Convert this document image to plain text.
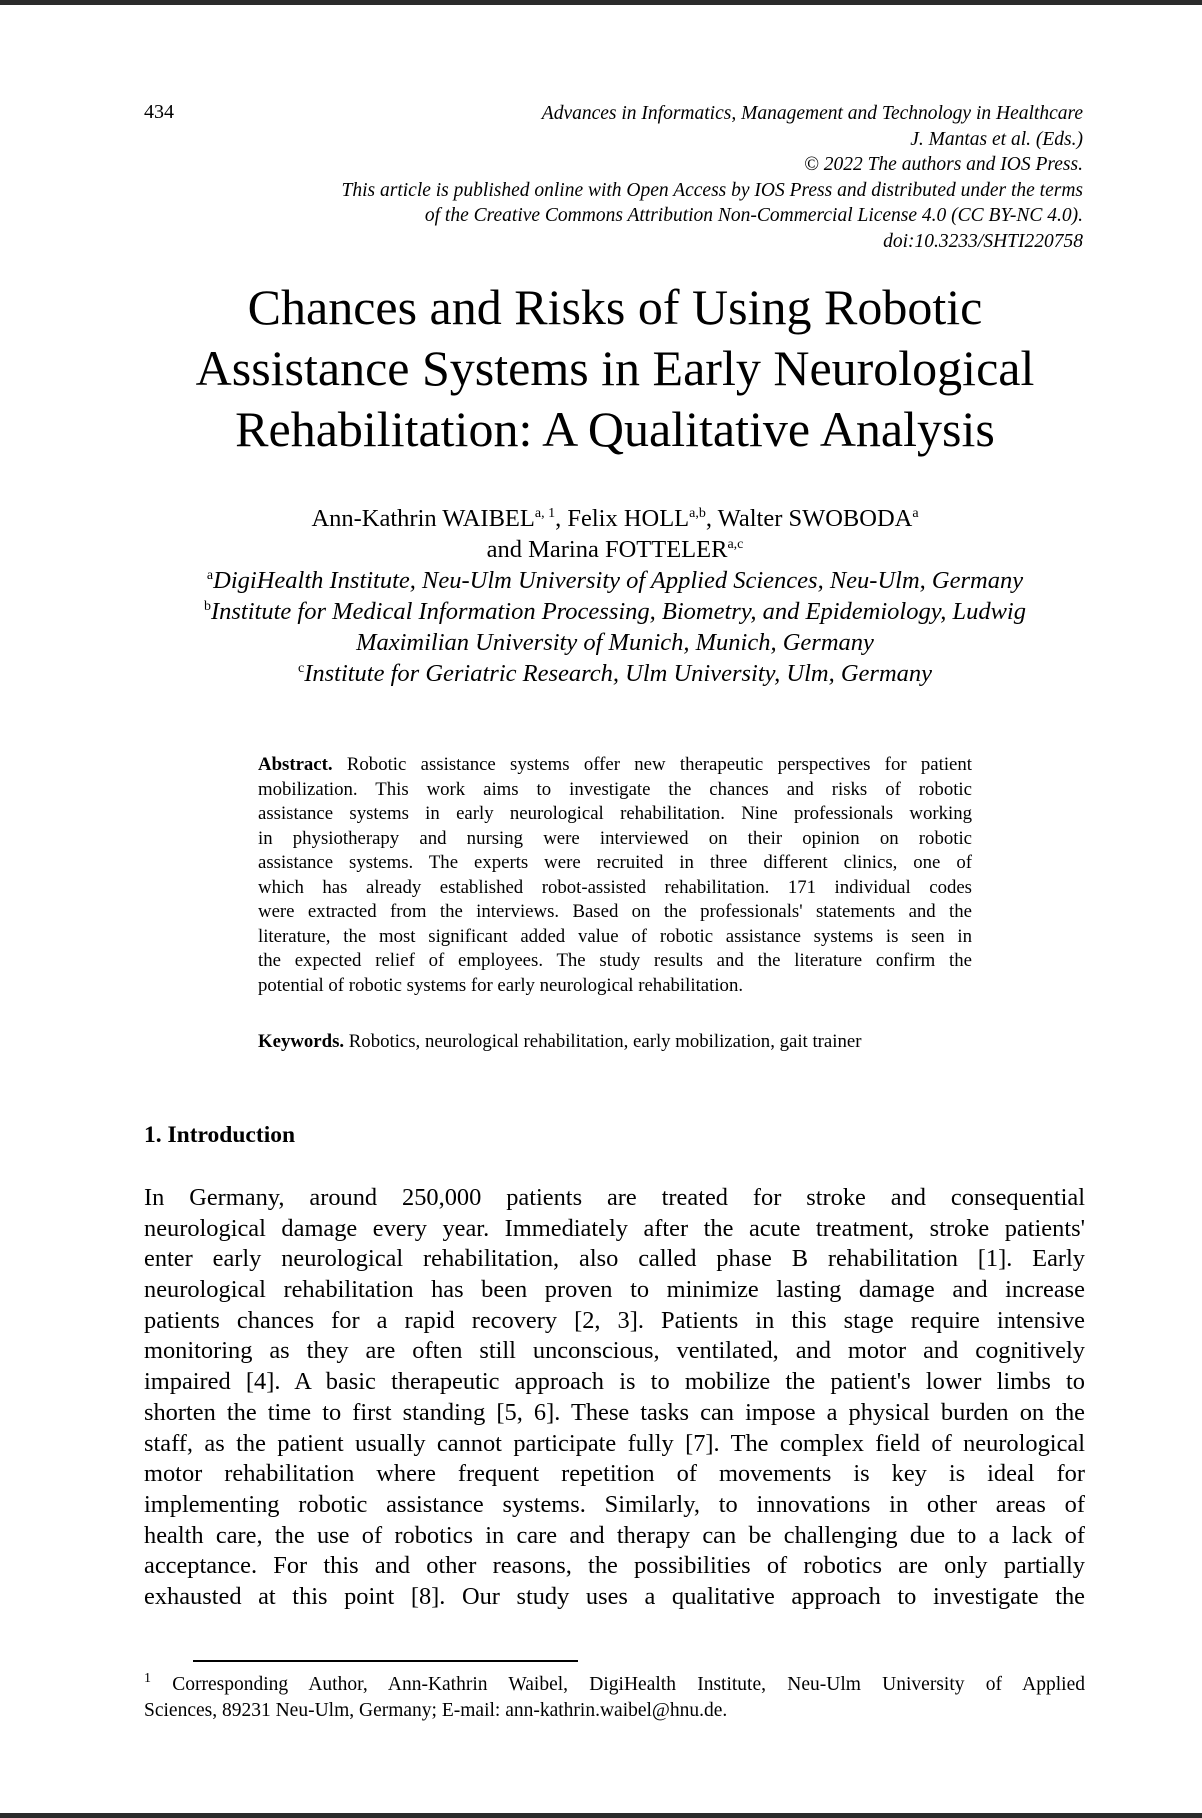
434	Advances in Informatics, Management and Technology in Healthcare
J. Mantas et al. (Eds.)
© 2022 The authors and IOS Press.
This article is published online with Open Access by IOS Press and distributed under the terms
of the Creative Commons Attribution Non-Commercial License 4.0 (CC BY-NC 4.0).
doi:10.3233/SHTI220758
Chances and Risks of Using Robotic
Assistance Systems in Early Neurological
Rehabilitation: A Qualitative Analysis
Ann-Kathrin WAIBEL$^{a, 1}$, Felix HOLL$^{a,b}$, Walter SWOBODA$^a$
and Marina FOTTELER$^{a,c}$
$^a$DigiHealth Institute, Neu-Ulm University of Applied Sciences, Neu-Ulm, Germany
$^b$Institute for Medical Information Processing, Biometry, and Epidemiology, Ludwig
Maximilian University of Munich, Munich, Germany
$^c$Institute for Geriatric Research, Ulm University, Ulm, Germany
Abstract. Robotic assistance systems offer new therapeutic perspectives for patient
mobilization. This work aims to investigate the chances and risks of robotic
assistance systems in early neurological rehabilitation. Nine professionals working
in physiotherapy and nursing were interviewed on their opinion on robotic
assistance systems. The experts were recruited in three different clinics, one of
which has already established robot-assisted rehabilitation. 171 individual codes
were extracted from the interviews. Based on the professionals' statements and the
literature, the most significant added value of robotic assistance systems is seen in
the expected relief of employees. The study results and the literature confirm the
potential of robotic systems for early neurological rehabilitation.
Keywords. Robotics, neurological rehabilitation, early mobilization, gait trainer
1. Introduction
In Germany, around 250,000 patients are treated for stroke and consequential
neurological damage every year. Immediately after the acute treatment, stroke patients'
enter early neurological rehabilitation, also called phase B rehabilitation [1]. Early
neurological rehabilitation has been proven to minimize lasting damage and increase
patients chances for a rapid recovery [2, 3]. Patients in this stage require intensive
monitoring as they are often still unconscious, ventilated, and motor and cognitively
impaired [4]. A basic therapeutic approach is to mobilize the patient's lower limbs to
shorten the time to first standing [5, 6]. These tasks can impose a physical burden on the
staff, as the patient usually cannot participate fully [7]. The complex field of neurological
motor rehabilitation where frequent repetition of movements is key is ideal for
implementing robotic assistance systems. Similarly, to innovations in other areas of
health care, the use of robotics in care and therapy can be challenging due to a lack of
acceptance. For this and other reasons, the possibilities of robotics are only partially
exhausted at this point [8]. Our study uses a qualitative approach to investigate the
$^1$ Corresponding Author, Ann-Kathrin Waibel, DigiHealth Institute, Neu-Ulm University of Applied
Sciences, 89231 Neu-Ulm, Germany; E-mail: ann-kathrin.waibel@hnu.de.
